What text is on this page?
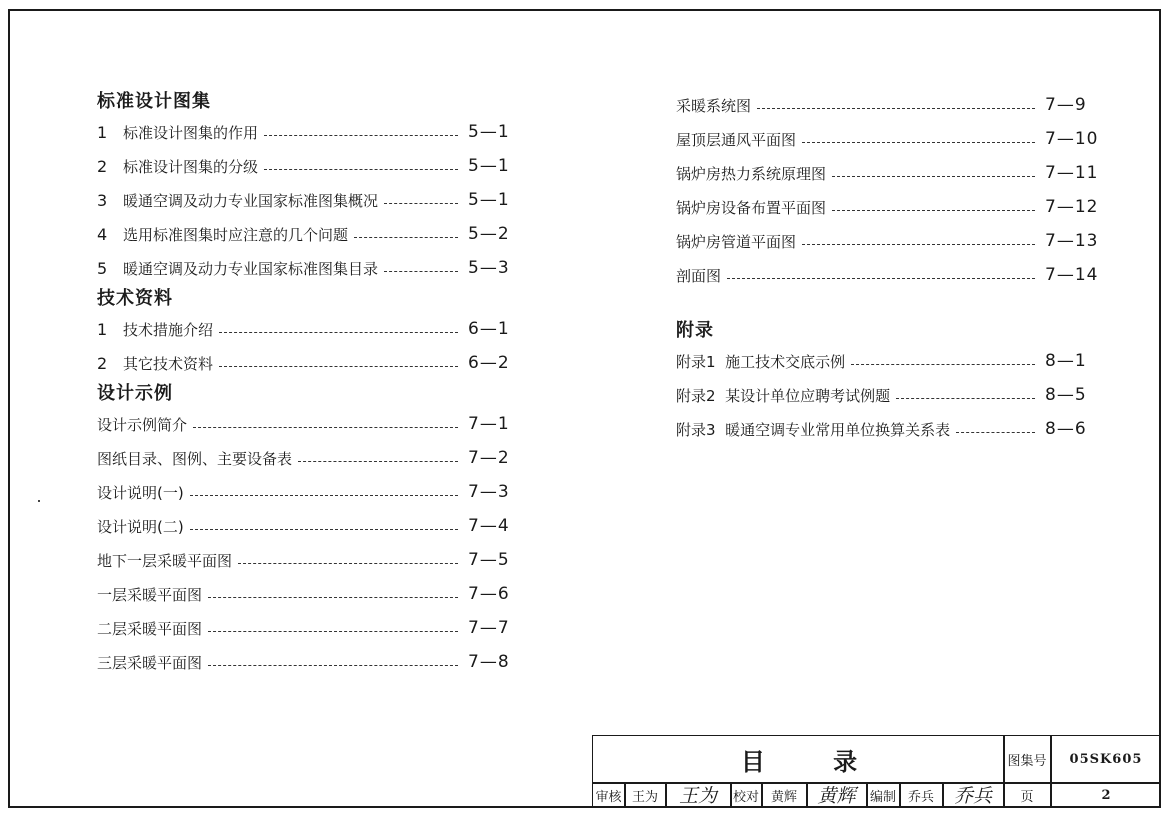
标准设计图集
1	标准设计图集的作用	5—1
2	标准设计图集的分级	5—1
3	暖通空调及动力专业国家标准图集概况	5—1
4	选用标准图集时应注意的几个问题	5—2
5	暖通空调及动力专业国家标准图集目录	5—3
技术资料
1	技术措施介绍	6—1
2	其它技术资料	6—2
设计示例
设计示例简介	7—1
图纸目录、图例、主要设备表	7—2
设计说明(一)	7—3
设计说明(二)	7—4
地下一层采暖平面图	7—5
一层采暖平面图	7—6
二层采暖平面图	7—7
三层采暖平面图	7—8
采暖系统图	7—9
屋顶层通风平面图	7—10
锅炉房热力系统原理图	7—11
锅炉房设备布置平面图	7—12
锅炉房管道平面图	7—13
剖面图	7—14
附录
附录1  施工技术交底示例	8—1
附录2  某设计单位应聘考试例题	8—5
附录3  暖通空调专业常用单位换算关系表	8—6
目 录	图集号	05SK605
页	2
审核 王为	王为	校对 黄辉	黄辉	编制 乔兵	乔兵
